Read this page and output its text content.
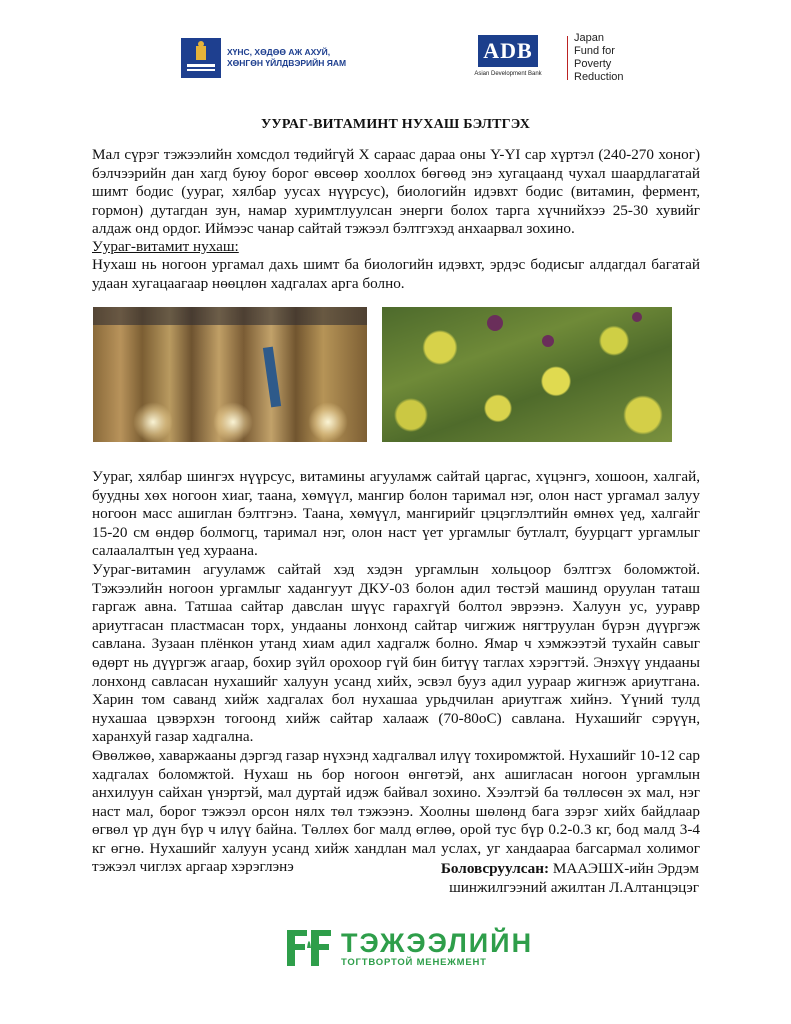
ХҮНС, ХӨДӨӨ АЖ АХУЙ,
ХӨНГӨН ҮЙЛДВЭРИЙН ЯАМ	ADB
Asian Development Bank
Japan
Fund for
Poverty
Reduction
УУРАГ-ВИТАМИНТ НУХАШ БЭЛТГЭХ

Мал сүрэг тэжээлийн хомсдол төдийгүй Х сараас дараа оны Y-YI сар хүртэл (240-270 хоног) бэлчээрийн дан хагд буюу борог өвсөөр хооллох бөгөөд энэ хугацаанд чухал шаардлагатай шимт бодис (уураг, хялбар уусах нүүрсус), биологийн идэвхт бодис (витамин, фермент, гормон) дутагдан зун, намар хуримтлуулсан энерги болох тарга хүчнийхээ 25-30 хувийг алдаж онд ордог. Иймээс чанар сайтай тэжээл бэлтгэхэд анхаарвал зохино.

Уураг-витамит нухаш:

Нухаш нь ногоон ургамал дахь шимт ба биологийн идэвхт, эрдэс бодисыг алдагдал багатай удаан хугацаагаар нөөцлөн хадгалах арга болно.

Уураг, хялбар шингэх нүүрсус, витамины агууламж сайтай царгас, хүцэнгэ, хошоон, халгай, буудны хөх ногоон хиаг, таана, хөмүүл, мангир болон таримал нэг, олон наст ургамал залуу ногоон масс ашиглан бэлтгэнэ. Таана, хөмүүл, мангирийг цэцэглэлтийн өмнөх үед, халгайг 15-20 см өндөр болмогц, таримал нэг, олон наст үет ургамлыг бутлалт, буурцагт ургамлыг салаалалтын үед хураана.
Уураг-витамин агууламж сайтай хэд хэдэн ургамлын хольцоор бэлтгэх боломжтой. Тэжээлийн ногоон ургамлыг хадангуут ДКУ-03 болон адил төстэй машинд оруулан таташ гаргаж авна. Татшаа сайтар давслан шүүс гарахгүй болтол эврээнэ. Халуун ус, ууравр ариутгасан пластмасан торх, ундааны лонхонд сайтар чигжиж нягтруулан бүрэн дүүргэж савлана. Зузаан плёнкон утанд хиам адил хадгалж болно. Ямар ч хэмжээтэй тухайн савыг өдөрт нь дүүргэж агаар, бохир зүйл орохоор гүй бин битүү таглах хэрэгтэй. Энэхүү ундааны лонхонд савласан нухашийг халуун усанд хийх, эсвэл бууз адил уураар жигнэж ариутгана. Харин том саванд хийж хадгалах бол нухашаа урьдчилан ариутгаж хийнэ. Үүний тулд нухашаа цэвэрхэн тогоонд хийж сайтар халааж (70-80oC) савлана. Нухашийг сэрүүн, харанхуй газар хадгална.
Өвөлжөө, хаваржааны дэргэд газар нүхэнд хадгалвал илүү тохиромжтой. Нухашийг 10-12 сар хадгалах боломжтой. Нухаш нь бор ногоон өнгөтэй, анх ашигласан ногоон ургамлын анхилуун сайхан үнэртэй, мал дуртай идэж байвал зохино. Хээлтэй ба төллөсөн эх мал, нэг наст мал, борог тэжээл орсон нялх төл тэжээнэ. Хоолны шөлөнд бага зэрэг хийх байдлаар өгвөл үр дүн бүр ч илүү байна. Төллөх бог малд өглөө, орой тус бүр 0.2-0.3 кг, бод малд 3-4 кг өгнө. Нухашийг халуун усанд хийж хандлан мал услах, уг хандаараа багсармал холимог тэжээл чиглэх аргаар хэрэглэнэ	Боловсруулсан: МААЭШХ-ийн Эрдэм
шинжилгээний ажилтан Л.Алтанцэцэг
ТЭЖЭЭЛИЙН
ТОГТВОРТОЙ МЕНЕЖМЕНТ
